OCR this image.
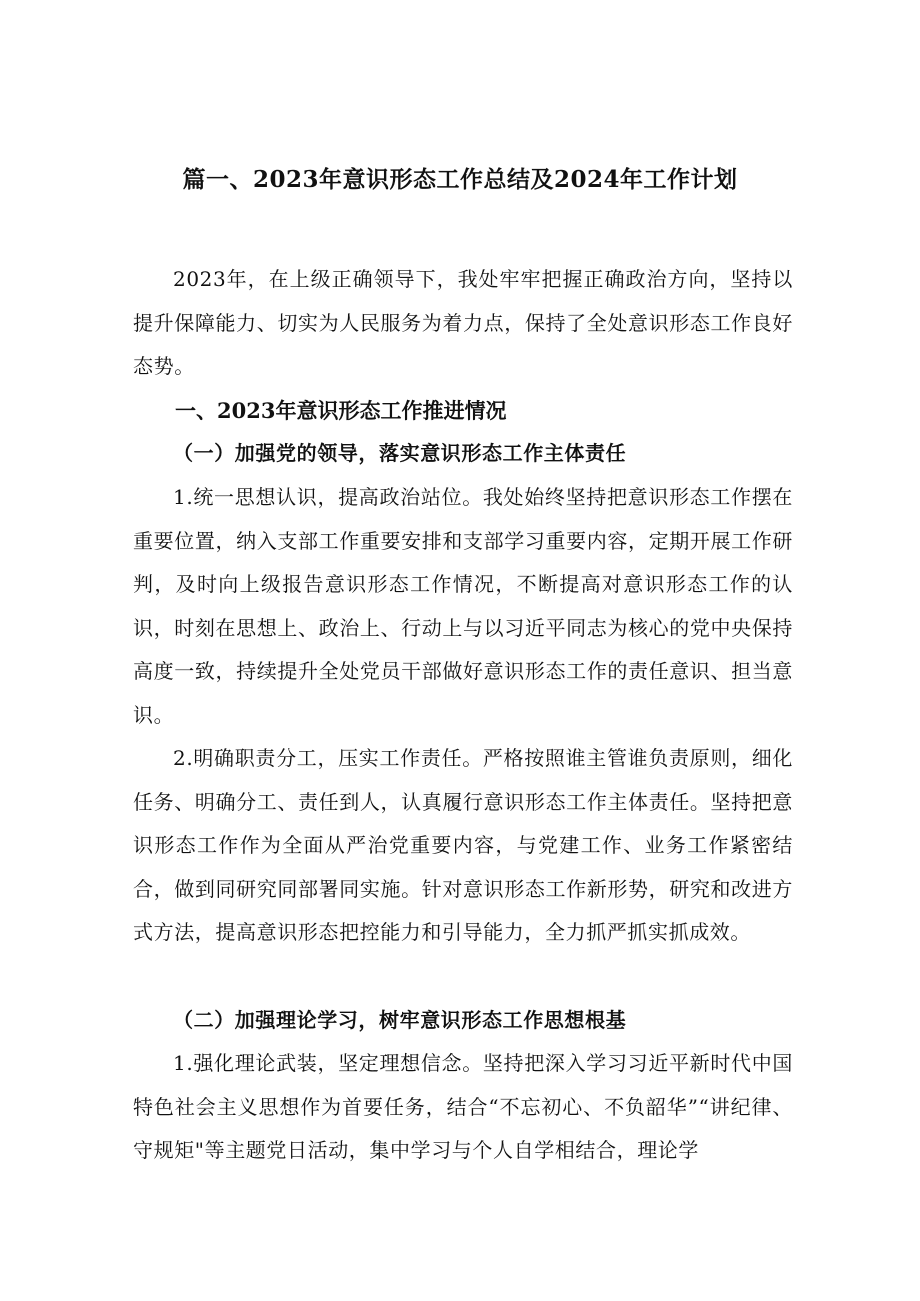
篇一、2023年意识形态工作总结及2024年工作计划

2023年，在上级正确领导下，我处牢牢把握正确政治方向，坚持以提升保障能力、切实为人民服务为着力点，保持了全处意识形态工作良好态势。

一、2023年意识形态工作推进情况
（一）加强党的领导，落实意识形态工作主体责任

1.统一思想认识，提高政治站位。我处始终坚持把意识形态工作摆在重要位置，纳入支部工作重要安排和支部学习重要内容，定期开展工作研判，及时向上级报告意识形态工作情况，不断提高对意识形态工作的认识，时刻在思想上、政治上、行动上与以习近平同志为核心的党中央保持高度一致，持续提升全处党员干部做好意识形态工作的责任意识、担当意识。

2.明确职责分工，压实工作责任。严格按照谁主管谁负责原则，细化任务、明确分工、责任到人，认真履行意识形态工作主体责任。坚持把意识形态工作作为全面从严治党重要内容，与党建工作、业务工作紧密结合，做到同研究同部署同实施。针对意识形态工作新形势，研究和改进方式方法，提高意识形态把控能力和引导能力，全力抓严抓实抓成效。

（二）加强理论学习，树牢意识形态工作思想根基

1.强化理论武装，坚定理想信念。坚持把深入学习习近平新时代中国特色社会主义思想作为首要任务，结合“不忘初心、不负韶华”“讲纪律、守规矩"等主题党日活动，集中学习与个人自学相结合，理论学
